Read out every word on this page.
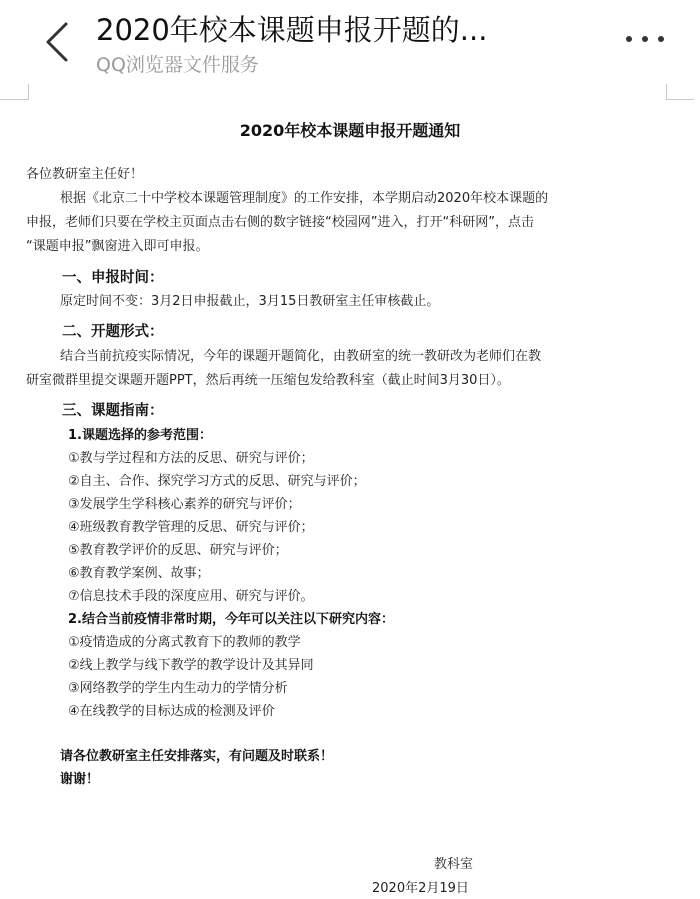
2020年校本课题申报开题的...
QQ浏览器文件服务
2020年校本课题申报开题通知
各位教研室主任好！
根据《北京二十中学校本课题管理制度》的工作安排，本学期启动2020年校本课题的
申报，老师们只要在学校主页面点击右侧的数字链接“校园网”进入，打开“科研网”，点击
“课题申报”飘窗进入即可申报。
一、申报时间：
原定时间不变：3月2日申报截止，3月15日教研室主任审核截止。
二、开题形式：
结合当前抗疫实际情况，今年的课题开题简化，由教研室的统一教研改为老师们在教
研室微群里提交课题开题PPT，然后再统一压缩包发给教科室（截止时间3月30日）。
三、课题指南：
1.课题选择的参考范围：
①教与学过程和方法的反思、研究与评价；
②自主、合作、探究学习方式的反思、研究与评价；
③发展学生学科核心素养的研究与评价；
④班级教育教学管理的反思、研究与评价；
⑤教育教学评价的反思、研究与评价；
⑥教育教学案例、故事；
⑦信息技术手段的深度应用、研究与评价。
2.结合当前疫情非常时期，今年可以关注以下研究内容：
①疫情造成的分离式教育下的教师的教学
②线上教学与线下教学的教学设计及其异同
③网络教学的学生内生动力的学情分析
④在线教学的目标达成的检测及评价
请各位教研室主任安排落实，有问题及时联系！
谢谢！
教科室
2020年2月19日
